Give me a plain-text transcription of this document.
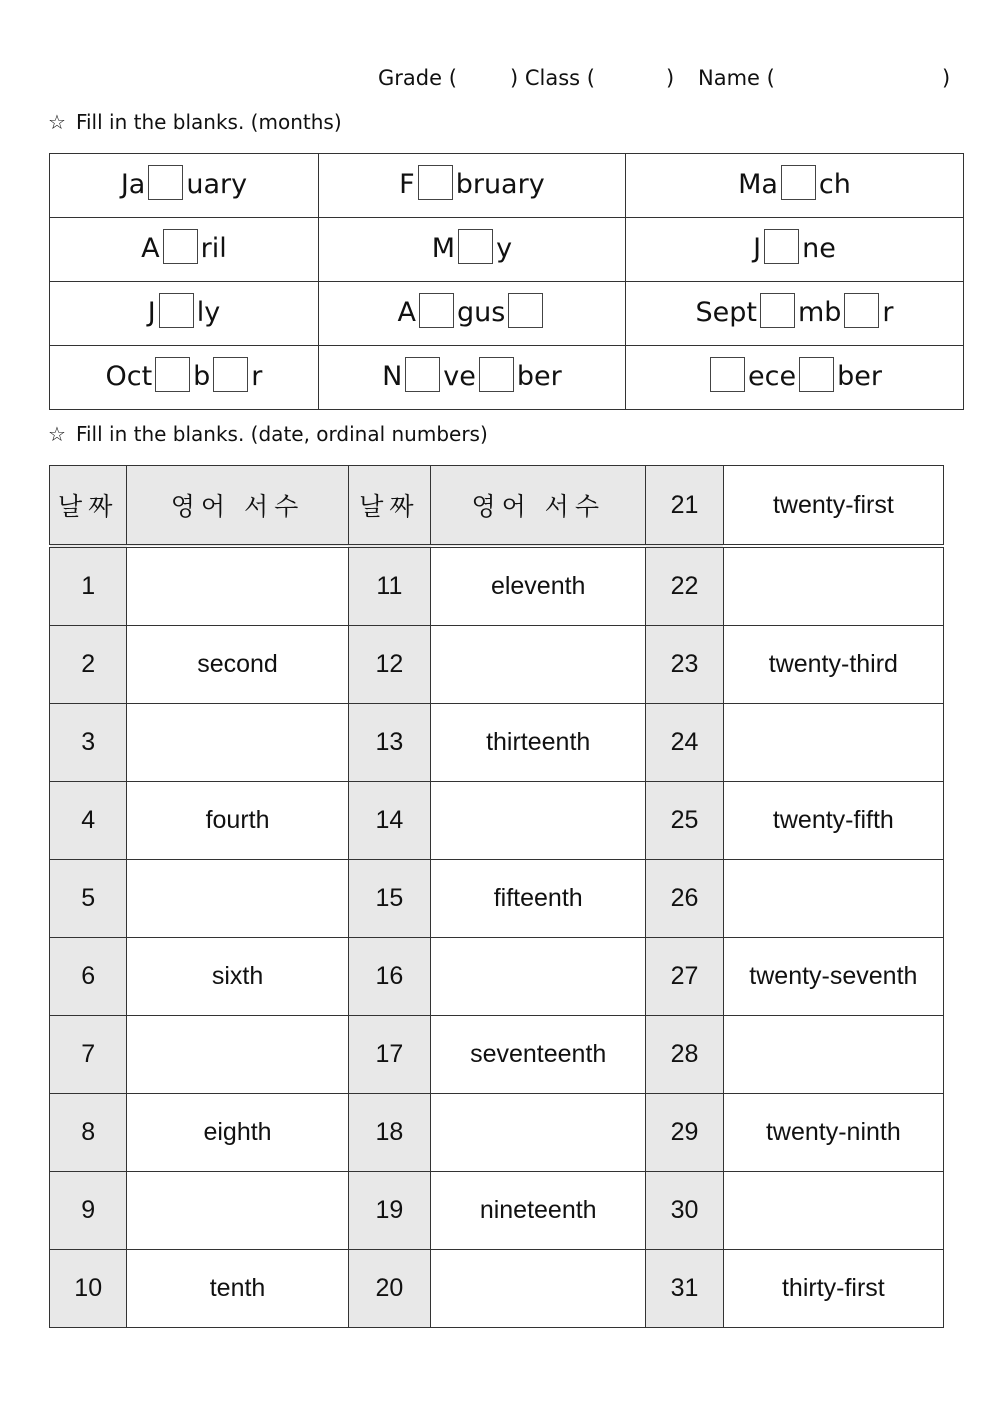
Grade (

	) Class (

	)

Name (

	)

☆ Fill in the blanks. (months)
Ja uary	F bruary	Ma ch
A ril	M y	J ne
J ly	A gus	Sept mb r
Oct b r	N ve ber	ece ber
☆ Fill in the blanks. (date, ordinal numbers)
날짜	영어 서수	날짜	영어 서수	21	twenty-first
1		11	eleventh	22	
2	second	12		23	twenty-third
3		13	thirteenth	24	
4	fourth	14		25	twenty-fifth
5		15	fifteenth	26	
6	sixth	16		27	twenty-seventh
7		17	seventeenth	28	
8	eighth	18		29	twenty-ninth
9		19	nineteenth	30	
10	tenth	20		31	thirty-first
